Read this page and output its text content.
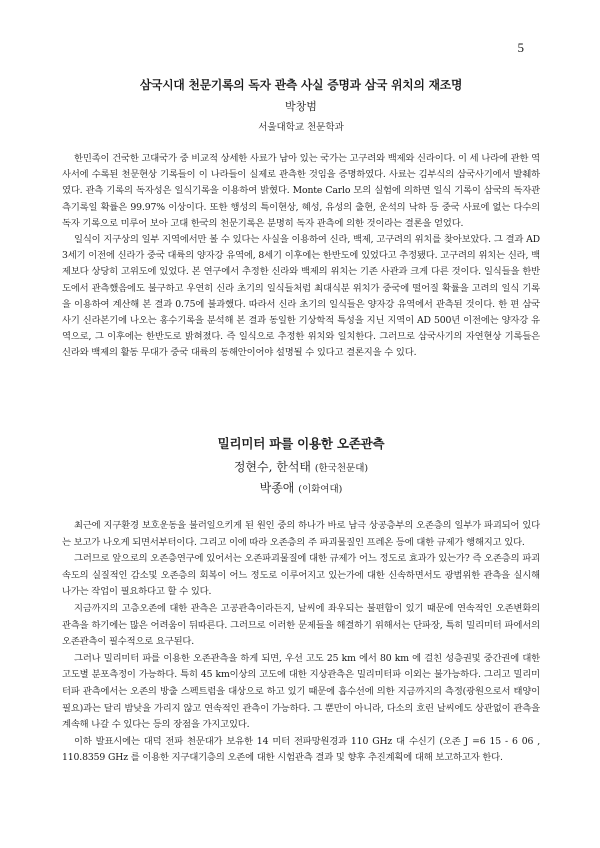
5
삼국시대 천문기록의 독자 관측 사실 증명과 삼국 위치의 재조명
박창범
서울대학교 천문학과

한민족이 건국한 고대국가 중 비교적 상세한 사료가 남아 있는 국가는 고구려와 백제와 신라이다. 이 세 나라에 관한 역사서에 수록된 천문현상 기록들이 이 나라들이 실제로 관측한 것임을 증명하였다. 사료는 김부식의 삼국사기에서 발췌하였다. 관측 기록의 독자성은 일식기록을 이용하여 밝혔다. Monte Carlo 모의 실험에 의하면 일식 기록이 삼국의 독자관측기록일 확률은 99.97% 이상이다. 또한 행성의 특이현상, 혜성, 유성의 출현, 운석의 낙하 등 중국 사료에 없는 다수의 독자 기록으로 미루어 보아 고대 한국의 천문기록은 분명히 독자 관측에 의한 것이라는 결론을 얻었다.

일식이 지구상의 일부 지역에서만 볼 수 있다는 사실을 이용하여 신라, 백제, 고구려의 위치를 찾아보았다. 그 결과 AD 3세기 이전에 신라가 중국 대륙의 양자강 유역에, 8세기 이후에는 한반도에 있었다고 추정됐다. 고구려의 위치는 신라, 백제보다 상당히 고위도에 있었다. 본 연구에서 추정한 신라와 백제의 위치는 기존 사관과 크게 다른 것이다. 일식들을 한반도에서 관측했음에도 불구하고 우연히 신라 초기의 일식들처럼 최대식분 위치가 중국에 떨어질 확률을 고려의 일식 기록을 이용하여 계산해 본 결과 0.75에 불과했다. 따라서 신라 초기의 일식들은 양자강 유역에서 관측된 것이다. 한 편 삼국사기 신라본기에 나오는 홍수기록을 분석해 본 결과 동일한 기상학적 특성을 지닌 지역이 AD 500년 이전에는 양자강 유역으로, 그 이후에는 한반도로 밝혀졌다. 즉 일식으로 추정한 위치와 일치한다. 그러므로 삼국사기의 자연현상 기록들은 신라와 백제의 활동 무대가 중국 대륙의 동해안이어야 설명될 수 있다고 결론지을 수 있다.

밀리미터 파를 이용한 오존관측
정현수, 한석태 (한국천문대)
박종애 (이화여대)

최근에 지구환경 보호운동을 불러일으키게 된 원인 중의 하나가 바로 남극 상공층부의 오존층의 일부가 파괴되어 있다는 보고가 나오게 되면서부터이다. 그리고 이에 따라 오존층의 주 파괴물질인 프레온 등에 대한 규제가 행해지고 있다.

그러므로 앞으로의 오존층연구에 있어서는 오존파괴물질에 대한 규제가 어느 정도로 효과가 있는가? 즉 오존층의 파괴속도의 실질적인 감소및 오존층의 회복이 어느 정도로 이루어지고 있는가에 대한 신속하면서도 광범위한 관측을 실시해 나가는 작업이 필요하다고 할 수 있다.

지금까지의 고층오존에 대한 관측은 고공관측이라든지, 날씨에 좌우되는 불편함이 있기 때문에 연속적인 오존변화의 관측을 하기에는 많은 어려움이 뒤따른다. 그러므로 이러한 문제들을 해결하기 위해서는 단파장, 특히 밀리미터 파에서의 오존관측이 필수적으로 요구된다.

그러나 밀리미터 파를 이용한 오존관측을 하게 되면, 우선 고도 25 km 에서 80 km 에 걸친 성층권및 중간권에 대한 고도별 분포측정이 가능하다. 특히 45 km이상의 고도에 대한 지상관측은 밀리미터파 이외는 불가능하다. 그리고 밀리미터파 관측에서는 오존의 방출 스펙트럼을 대상으로 하고 있기 때문에 흡수선에 의한 지금까지의 측정(광원으로서 태양이 필요)과는 달리 밤낮을 가리지 않고 연속적인 관측이 가능하다. 그 뿐만이 아니라, 다소의 흐린 날씨에도 상관없이 관측을 계속해 나갈 수 있다는 등의 장점을 가지고있다.

이하 발표시에는 대덕 전파 천문대가 보유한 14 미터 전파망원경과 110 GHz 대 수신기 (오존 J =6 15 - 6 06 , 110.8359 GHz 를 이용한 지구대기층의 오존에 대한 시험관측 결과 및 향후 추진계획에 대해 보고하고자 한다.
